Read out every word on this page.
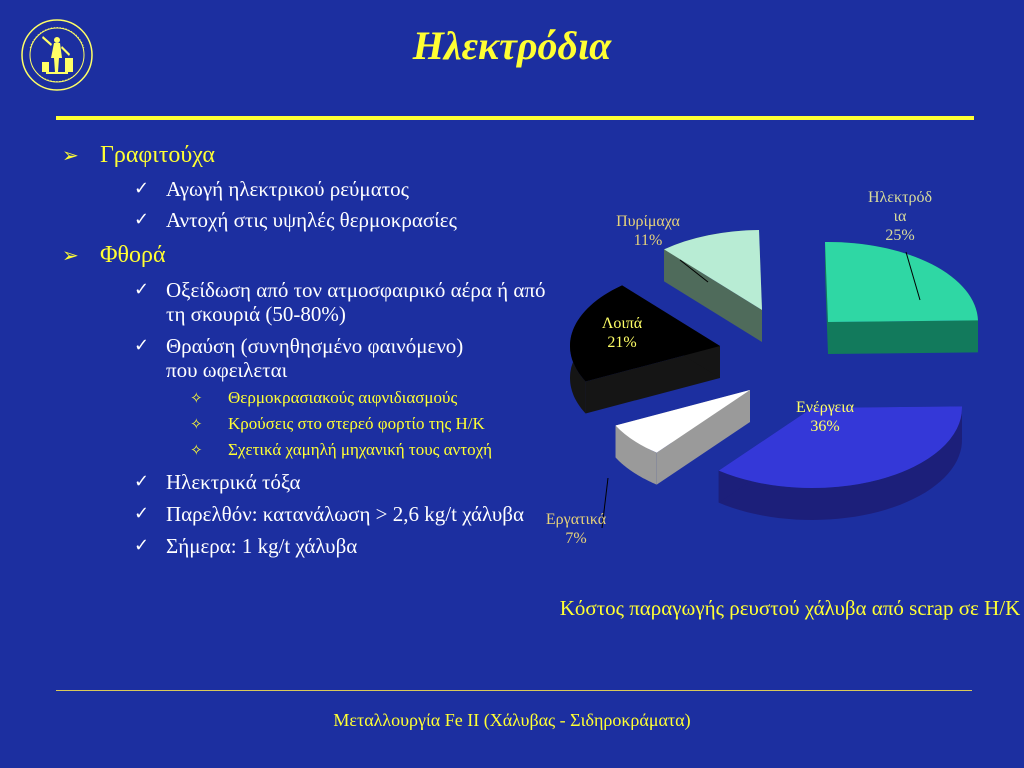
Ηλεκτρόδια
➢ Γραφιτούχα
✓ Αγωγή ηλεκτρικού ρεύματος
✓ Αντοχή στις υψηλές θερμοκρασίες
➢ Φθορά
✓ Οξείδωση από τον ατμοσφαιρικό αέρα ή από τη σκουριά (50-80%)
✓ Θραύση (συνηθησμένο φαινόμενο) που ωφειλεται
✧ Θερμοκρασιακούς αιφνιδιασμούς
✧ Κρούσεις στο στερεό φορτίο της Η/Κ
✧ Σχετικά χαμηλή μηχανική τους αντοχή
✓ Ηλεκτρικά τόξα
✓ Παρελθόν: κατανάλωση > 2,6 kg/t χάλυβα
✓ Σήμερα: 1 kg/t χάλυβα
Ηλεκτρόδ ια 25%
Ενέργεια 36%
Εργατικά 7%
Λοιπά 21%
Πυρίμαχα 11%
Κόστος παραγωγής ρευστού χάλυβα από scrap σε Η/Κ
Μεταλλουργία Fe II (Χάλυβας - Σιδηροκράματα)
